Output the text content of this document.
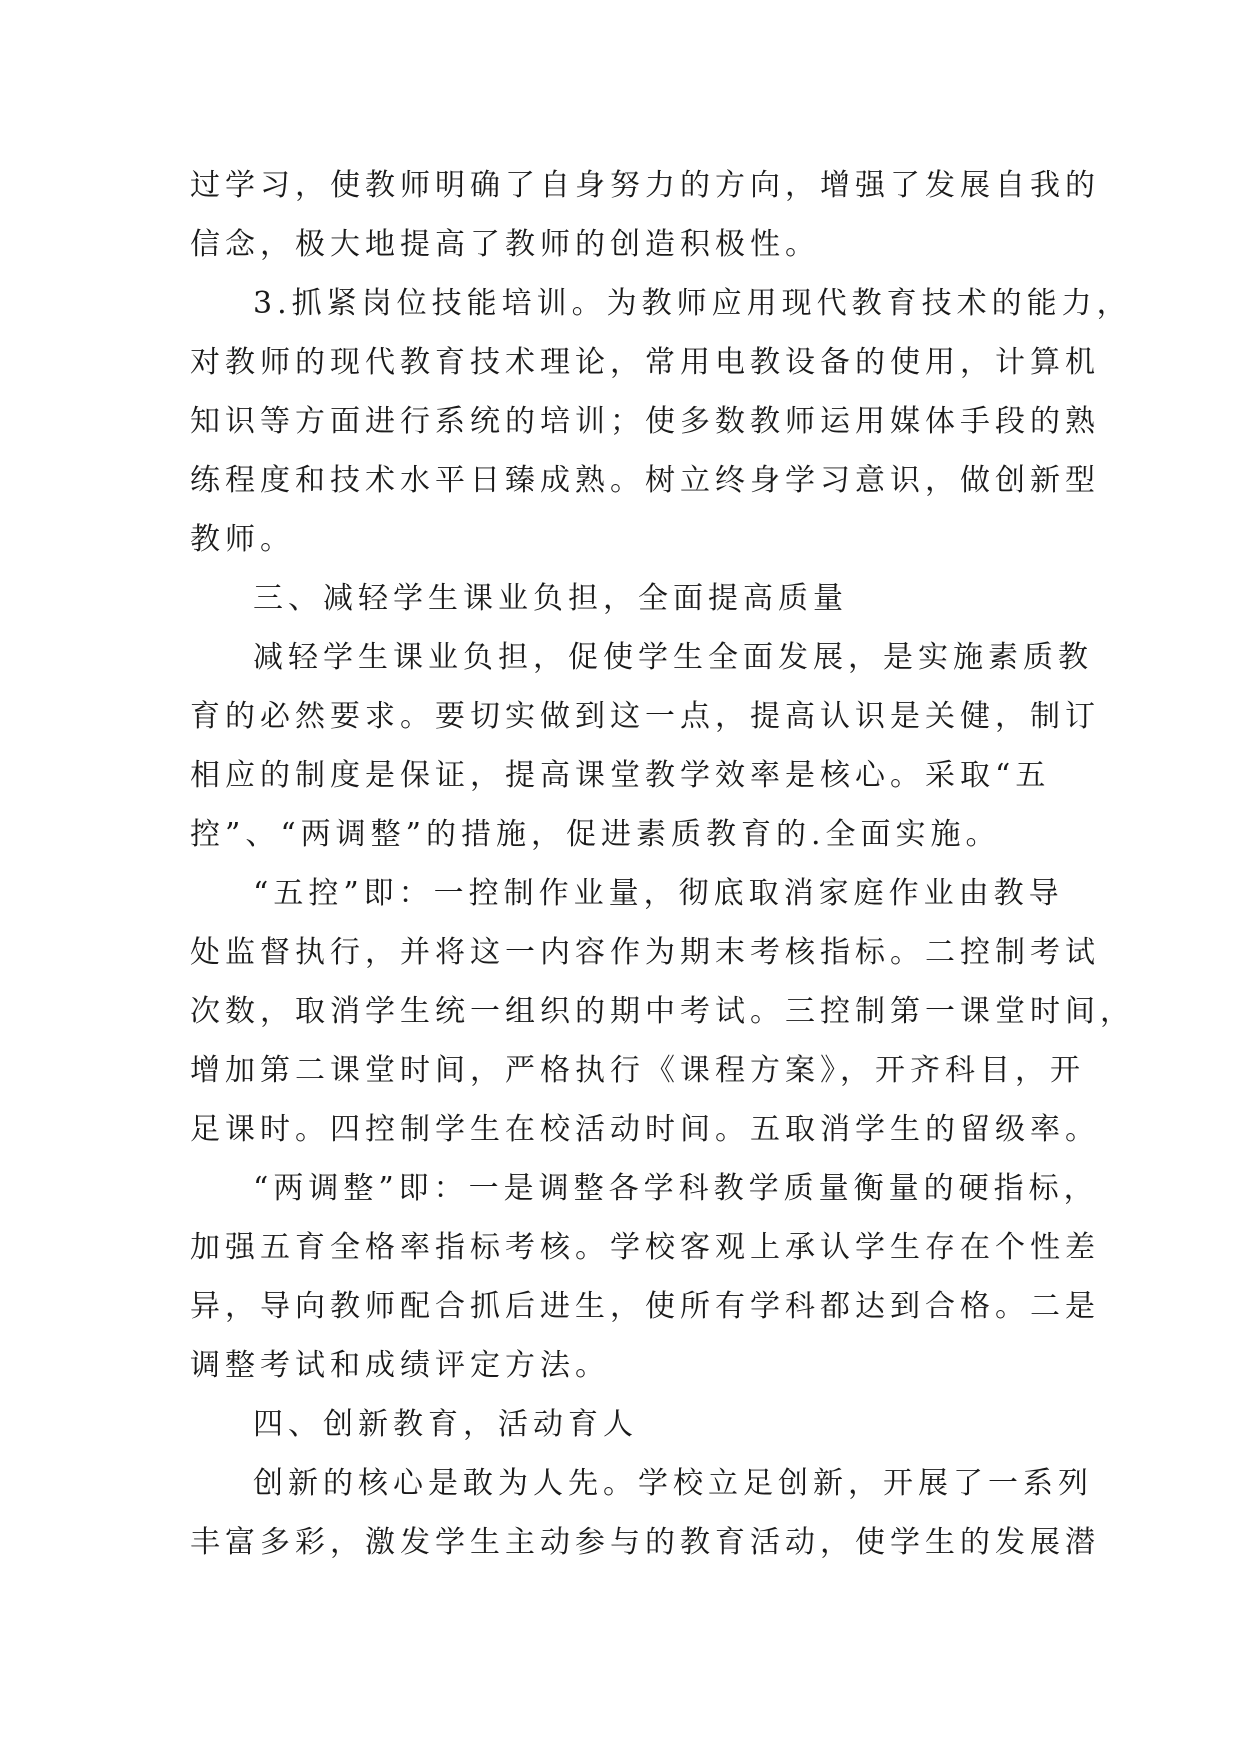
过学习，使教师明确了自身努力的方向，增强了发展自我的
信念，极大地提高了教师的创造积极性。
3.抓紧岗位技能培训。为教师应用现代教育技术的能力，
对教师的现代教育技术理论，常用电教设备的使用，计算机
知识等方面进行系统的培训；使多数教师运用媒体手段的熟
练程度和技术水平日臻成熟。树立终身学习意识，做创新型
教师。
三、减轻学生课业负担，全面提高质量
减轻学生课业负担，促使学生全面发展，是实施素质教
育的必然要求。要切实做到这一点，提高认识是关健，制订
相应的制度是保证，提高课堂教学效率是核心。采取“五
控”、“两调整”的措施，促进素质教育的.全面实施。
“五控”即：一控制作业量，彻底取消家庭作业由教导
处监督执行，并将这一内容作为期末考核指标。二控制考试
次数，取消学生统一组织的期中考试。三控制第一课堂时间，
增加第二课堂时间，严格执行《课程方案》，开齐科目，开
足课时。四控制学生在校活动时间。五取消学生的留级率。
“两调整”即：一是调整各学科教学质量衡量的硬指标，
加强五育全格率指标考核。学校客观上承认学生存在个性差
异，导向教师配合抓后进生，使所有学科都达到合格。二是
调整考试和成绩评定方法。
四、创新教育，活动育人
创新的核心是敢为人先。学校立足创新，开展了一系列
丰富多彩，激发学生主动参与的教育活动，使学生的发展潜
